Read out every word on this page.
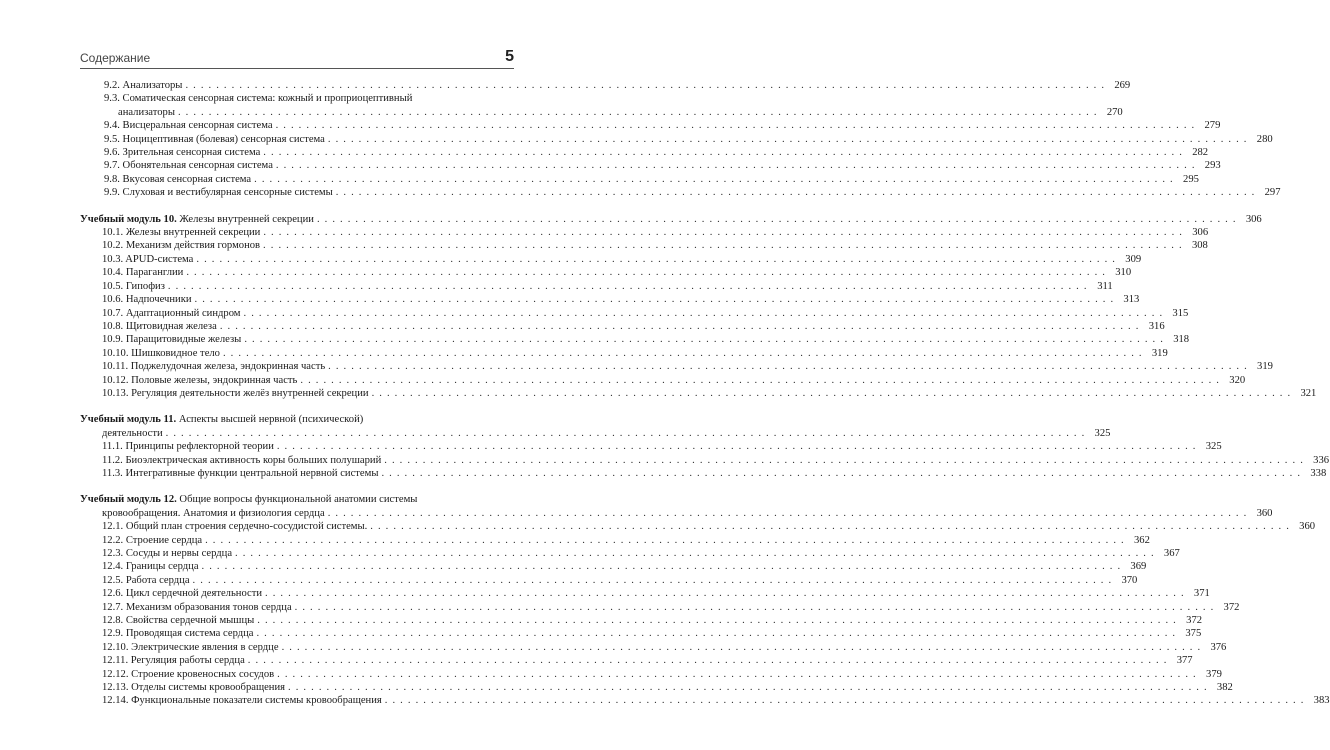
Содержание	5
9.2. Анализаторы . . . . . . . . . . . . . . . . . . . . . . . . . . . . . . . . . . . . . . . . . . . . . . . . . . . . . . . . . . . . . . . . . . . . . . . . . . . . . . . . . . . . . . . . . . . . . . . . . . . . . . . . . . . . . . . . . . . . . . . . 269
9.3. Соматическая сенсорная система: кожный и проприоцептивный
анализаторы . . . . . . . . . . . . . . . . . . . . . . . . . . . . . . . . . . . . . . . . . . . . . . . . . . . . . . . . . . . . . . . . . . . . . . . . . . . . . . . . . . . . . . . . . . . . . . . . . . . . . . . . . . . . . . . . . . . . . . . . 270
9.4. Висцеральная сенсорная система . . . . . . . . . . . . . . . . . . . . . . . . . . . . . . . . . . . . . . . . . . . . . . . . . . . . . . . . . . . . . . . . . . . . . . . . . . . . . . . . . . . . . . . . . . . . . . . . . . . . . . . . . . . . . . . . . . . . . . . . 279
9.5. Ноцицептивная (болевая) сенсорная система . . . . . . . . . . . . . . . . . . . . . . . . . . . . . . . . . . . . . . . . . . . . . . . . . . . . . . . . . . . . . . . . . . . . . . . . . . . . . . . . . . . . . . . . . . . . . . . . . . . . . . . . . . . . . . . . . . . . . . . . 280
9.6. Зрительная сенсорная система . . . . . . . . . . . . . . . . . . . . . . . . . . . . . . . . . . . . . . . . . . . . . . . . . . . . . . . . . . . . . . . . . . . . . . . . . . . . . . . . . . . . . . . . . . . . . . . . . . . . . . . . . . . . . . . . . . . . . . . . 282
9.7. Обонятельная сенсорная система . . . . . . . . . . . . . . . . . . . . . . . . . . . . . . . . . . . . . . . . . . . . . . . . . . . . . . . . . . . . . . . . . . . . . . . . . . . . . . . . . . . . . . . . . . . . . . . . . . . . . . . . . . . . . . . . . . . . . . . . 293
9.8. Вкусовая сенсорная система . . . . . . . . . . . . . . . . . . . . . . . . . . . . . . . . . . . . . . . . . . . . . . . . . . . . . . . . . . . . . . . . . . . . . . . . . . . . . . . . . . . . . . . . . . . . . . . . . . . . . . . . . . . . . . . . . . . . . . . . 295
9.9. Слуховая и вестибулярная сенсорные системы . . . . . . . . . . . . . . . . . . . . . . . . . . . . . . . . . . . . . . . . . . . . . . . . . . . . . . . . . . . . . . . . . . . . . . . . . . . . . . . . . . . . . . . . . . . . . . . . . . . . . . . . . . . . . . . . . . . . . . . . 297
Учебный модуль 10. Железы внутренней секреции . . . . . . . . . . . . . . . . . . . . . . . . . . . . . . . . . . . . . . . . . . . . . . . . . . . . . . . . . . . . . . . . . . . . . . . . . . . . . . . . . . . . . . . . . . . . . . . . . . . . . . . . . . . . . . . . . . . . . . . . 306
10.1. Железы внутренней секреции . . . . . . . . . . . . . . . . . . . . . . . . . . . . . . . . . . . . . . . . . . . . . . . . . . . . . . . . . . . . . . . . . . . . . . . . . . . . . . . . . . . . . . . . . . . . . . . . . . . . . . . . . . . . . . . . . . . . . . . . 306
10.2. Механизм действия гормонов . . . . . . . . . . . . . . . . . . . . . . . . . . . . . . . . . . . . . . . . . . . . . . . . . . . . . . . . . . . . . . . . . . . . . . . . . . . . . . . . . . . . . . . . . . . . . . . . . . . . . . . . . . . . . . . . . . . . . . . . 308
10.3. APUD-система . . . . . . . . . . . . . . . . . . . . . . . . . . . . . . . . . . . . . . . . . . . . . . . . . . . . . . . . . . . . . . . . . . . . . . . . . . . . . . . . . . . . . . . . . . . . . . . . . . . . . . . . . . . . . . . . . . . . . . . . 309
10.4. Параганглии . . . . . . . . . . . . . . . . . . . . . . . . . . . . . . . . . . . . . . . . . . . . . . . . . . . . . . . . . . . . . . . . . . . . . . . . . . . . . . . . . . . . . . . . . . . . . . . . . . . . . . . . . . . . . . . . . . . . . . . . 310
10.5. Гипофиз . . . . . . . . . . . . . . . . . . . . . . . . . . . . . . . . . . . . . . . . . . . . . . . . . . . . . . . . . . . . . . . . . . . . . . . . . . . . . . . . . . . . . . . . . . . . . . . . . . . . . . . . . . . . . . . . . . . . . . . . 311
10.6. Надпочечники . . . . . . . . . . . . . . . . . . . . . . . . . . . . . . . . . . . . . . . . . . . . . . . . . . . . . . . . . . . . . . . . . . . . . . . . . . . . . . . . . . . . . . . . . . . . . . . . . . . . . . . . . . . . . . . . . . . . . . . . 313
10.7. Адаптационный синдром . . . . . . . . . . . . . . . . . . . . . . . . . . . . . . . . . . . . . . . . . . . . . . . . . . . . . . . . . . . . . . . . . . . . . . . . . . . . . . . . . . . . . . . . . . . . . . . . . . . . . . . . . . . . . . . . . . . . . . . . 315
10.8. Щитовидная железа . . . . . . . . . . . . . . . . . . . . . . . . . . . . . . . . . . . . . . . . . . . . . . . . . . . . . . . . . . . . . . . . . . . . . . . . . . . . . . . . . . . . . . . . . . . . . . . . . . . . . . . . . . . . . . . . . . . . . . . . 316
10.9. Паращитовидные железы . . . . . . . . . . . . . . . . . . . . . . . . . . . . . . . . . . . . . . . . . . . . . . . . . . . . . . . . . . . . . . . . . . . . . . . . . . . . . . . . . . . . . . . . . . . . . . . . . . . . . . . . . . . . . . . . . . . . . . . . 318
10.10. Шишковидное тело . . . . . . . . . . . . . . . . . . . . . . . . . . . . . . . . . . . . . . . . . . . . . . . . . . . . . . . . . . . . . . . . . . . . . . . . . . . . . . . . . . . . . . . . . . . . . . . . . . . . . . . . . . . . . . . . . . . . . . . . 319
10.11. Поджелудочная железа, эндокринная часть . . . . . . . . . . . . . . . . . . . . . . . . . . . . . . . . . . . . . . . . . . . . . . . . . . . . . . . . . . . . . . . . . . . . . . . . . . . . . . . . . . . . . . . . . . . . . . . . . . . . . . . . . . . . . . . . . . . . . . . . 319
10.12. Половые железы, эндокринная часть . . . . . . . . . . . . . . . . . . . . . . . . . . . . . . . . . . . . . . . . . . . . . . . . . . . . . . . . . . . . . . . . . . . . . . . . . . . . . . . . . . . . . . . . . . . . . . . . . . . . . . . . . . . . . . . . . . . . . . . . 320
10.13. Регуляция деятельности желёз внутренней секреции . . . . . . . . . . . . . . . . . . . . . . . . . . . . . . . . . . . . . . . . . . . . . . . . . . . . . . . . . . . . . . . . . . . . . . . . . . . . . . . . . . . . . . . . . . . . . . . . . . . . . . . . . . . . . . . . . . . . . . . . 321
Учебный модуль 11. Аспекты высшей нервной (психической)
деятельности . . . . . . . . . . . . . . . . . . . . . . . . . . . . . . . . . . . . . . . . . . . . . . . . . . . . . . . . . . . . . . . . . . . . . . . . . . . . . . . . . . . . . . . . . . . . . . . . . . . . . . . . . . . . . . . . . . . . . . . . 325
11.1. Принципы рефлекторной теории . . . . . . . . . . . . . . . . . . . . . . . . . . . . . . . . . . . . . . . . . . . . . . . . . . . . . . . . . . . . . . . . . . . . . . . . . . . . . . . . . . . . . . . . . . . . . . . . . . . . . . . . . . . . . . . . . . . . . . . . 325
11.2. Биоэлектрическая активность коры больших полушарий . . . . . . . . . . . . . . . . . . . . . . . . . . . . . . . . . . . . . . . . . . . . . . . . . . . . . . . . . . . . . . . . . . . . . . . . . . . . . . . . . . . . . . . . . . . . . . . . . . . . . . . . . . . . . . . . . . . . . . . . 336
11.3. Интегративные функции центральной нервной системы . . . . . . . . . . . . . . . . . . . . . . . . . . . . . . . . . . . . . . . . . . . . . . . . . . . . . . . . . . . . . . . . . . . . . . . . . . . . . . . . . . . . . . . . . . . . . . . . . . . . . . . . . . . . . . . . . . . . . . . . 338
Учебный модуль 12. Общие вопросы функциональной анатомии системы
кровообращения. Анатомия и физиология сердца . . . . . . . . . . . . . . . . . . . . . . . . . . . . . . . . . . . . . . . . . . . . . . . . . . . . . . . . . . . . . . . . . . . . . . . . . . . . . . . . . . . . . . . . . . . . . . . . . . . . . . . . . . . . . . . . . . . . . . . . 360
12.1. Общий план строения сердечно-сосудистой системы. . . . . . . . . . . . . . . . . . . . . . . . . . . . . . . . . . . . . . . . . . . . . . . . . . . . . . . . . . . . . . . . . . . . . . . . . . . . . . . . . . . . . . . . . . . . . . . . . . . . . . . . . . . . . . . . . . . . . . . . . 360
12.2. Строение сердца . . . . . . . . . . . . . . . . . . . . . . . . . . . . . . . . . . . . . . . . . . . . . . . . . . . . . . . . . . . . . . . . . . . . . . . . . . . . . . . . . . . . . . . . . . . . . . . . . . . . . . . . . . . . . . . . . . . . . . . . 362
12.3. Сосуды и нервы сердца . . . . . . . . . . . . . . . . . . . . . . . . . . . . . . . . . . . . . . . . . . . . . . . . . . . . . . . . . . . . . . . . . . . . . . . . . . . . . . . . . . . . . . . . . . . . . . . . . . . . . . . . . . . . . . . . . . . . . . . . 367
12.4. Границы сердца . . . . . . . . . . . . . . . . . . . . . . . . . . . . . . . . . . . . . . . . . . . . . . . . . . . . . . . . . . . . . . . . . . . . . . . . . . . . . . . . . . . . . . . . . . . . . . . . . . . . . . . . . . . . . . . . . . . . . . . . 369
12.5. Работа сердца . . . . . . . . . . . . . . . . . . . . . . . . . . . . . . . . . . . . . . . . . . . . . . . . . . . . . . . . . . . . . . . . . . . . . . . . . . . . . . . . . . . . . . . . . . . . . . . . . . . . . . . . . . . . . . . . . . . . . . . . 370
12.6. Цикл сердечной деятельности . . . . . . . . . . . . . . . . . . . . . . . . . . . . . . . . . . . . . . . . . . . . . . . . . . . . . . . . . . . . . . . . . . . . . . . . . . . . . . . . . . . . . . . . . . . . . . . . . . . . . . . . . . . . . . . . . . . . . . . . 371
12.7. Механизм образования тонов сердца . . . . . . . . . . . . . . . . . . . . . . . . . . . . . . . . . . . . . . . . . . . . . . . . . . . . . . . . . . . . . . . . . . . . . . . . . . . . . . . . . . . . . . . . . . . . . . . . . . . . . . . . . . . . . . . . . . . . . . . . 372
12.8. Свойства сердечной мышцы . . . . . . . . . . . . . . . . . . . . . . . . . . . . . . . . . . . . . . . . . . . . . . . . . . . . . . . . . . . . . . . . . . . . . . . . . . . . . . . . . . . . . . . . . . . . . . . . . . . . . . . . . . . . . . . . . . . . . . . . 372
12.9. Проводящая система сердца . . . . . . . . . . . . . . . . . . . . . . . . . . . . . . . . . . . . . . . . . . . . . . . . . . . . . . . . . . . . . . . . . . . . . . . . . . . . . . . . . . . . . . . . . . . . . . . . . . . . . . . . . . . . . . . . . . . . . . . . 375
12.10. Электрические явления в сердце . . . . . . . . . . . . . . . . . . . . . . . . . . . . . . . . . . . . . . . . . . . . . . . . . . . . . . . . . . . . . . . . . . . . . . . . . . . . . . . . . . . . . . . . . . . . . . . . . . . . . . . . . . . . . . . . . . . . . . . . 376
12.11. Регуляция работы сердца . . . . . . . . . . . . . . . . . . . . . . . . . . . . . . . . . . . . . . . . . . . . . . . . . . . . . . . . . . . . . . . . . . . . . . . . . . . . . . . . . . . . . . . . . . . . . . . . . . . . . . . . . . . . . . . . . . . . . . . . 377
12.12. Строение кровеносных сосудов . . . . . . . . . . . . . . . . . . . . . . . . . . . . . . . . . . . . . . . . . . . . . . . . . . . . . . . . . . . . . . . . . . . . . . . . . . . . . . . . . . . . . . . . . . . . . . . . . . . . . . . . . . . . . . . . . . . . . . . . 379
12.13. Отделы системы кровообращения . . . . . . . . . . . . . . . . . . . . . . . . . . . . . . . . . . . . . . . . . . . . . . . . . . . . . . . . . . . . . . . . . . . . . . . . . . . . . . . . . . . . . . . . . . . . . . . . . . . . . . . . . . . . . . . . . . . . . . . . 382
12.14. Функциональные показатели системы кровообращения . . . . . . . . . . . . . . . . . . . . . . . . . . . . . . . . . . . . . . . . . . . . . . . . . . . . . . . . . . . . . . . . . . . . . . . . . . . . . . . . . . . . . . . . . . . . . . . . . . . . . . . . . . . . . . . . . . . . . . . . 383
